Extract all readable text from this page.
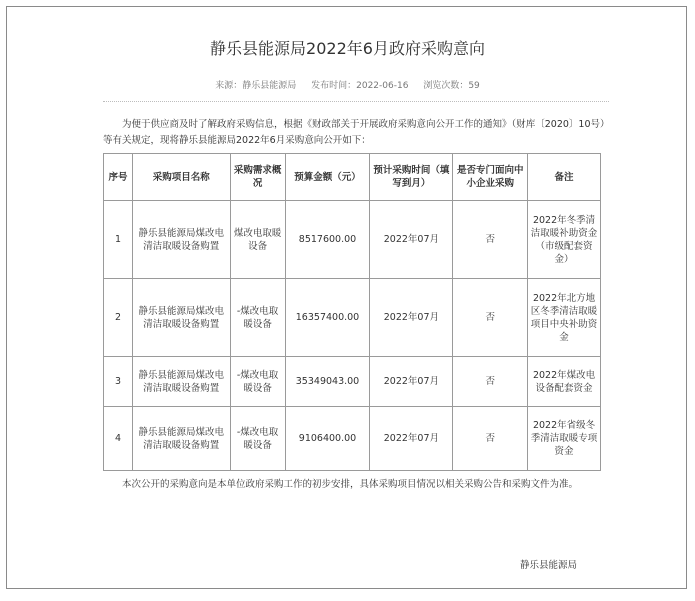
静乐县能源局2022年6月政府采购意向
来源：静乐县能源局 发布时间：2022-06-16 浏览次数：59
为便于供应商及时了解政府采购信息，根据《财政部关于开展政府采购意向公开工作的通知》（财库〔2020〕10号）等有关规定，现将静乐县能源局2022年6月采购意向公开如下：
序号	采购项目名称	采购需求概况	预算金额（元）	预计采购时间（填写到月）	是否专门面向中小企业采购	备注
1	静乐县能源局煤改电清洁取暖设备购置	煤改电取暖设备	8517600.00	2022年07月	否	2022年冬季清洁取暖补助资金（市级配套资金）
2	静乐县能源局煤改电清洁取暖设备购置	-煤改电取暖设备	16357400.00	2022年07月	否	2022年北方地区冬季清洁取暖项目中央补助资金
3	静乐县能源局煤改电清洁取暖设备购置	-煤改电取暖设备	35349043.00	2022年07月	否	2022年煤改电设备配套资金
4	静乐县能源局煤改电清洁取暖设备购置	-煤改电取暖设备	9106400.00	2022年07月	否	2022年省级冬季清洁取暖专项资金
本次公开的采购意向是本单位政府采购工作的初步安排，具体采购项目情况以相关采购公告和采购文件为准。
静乐县能源局
